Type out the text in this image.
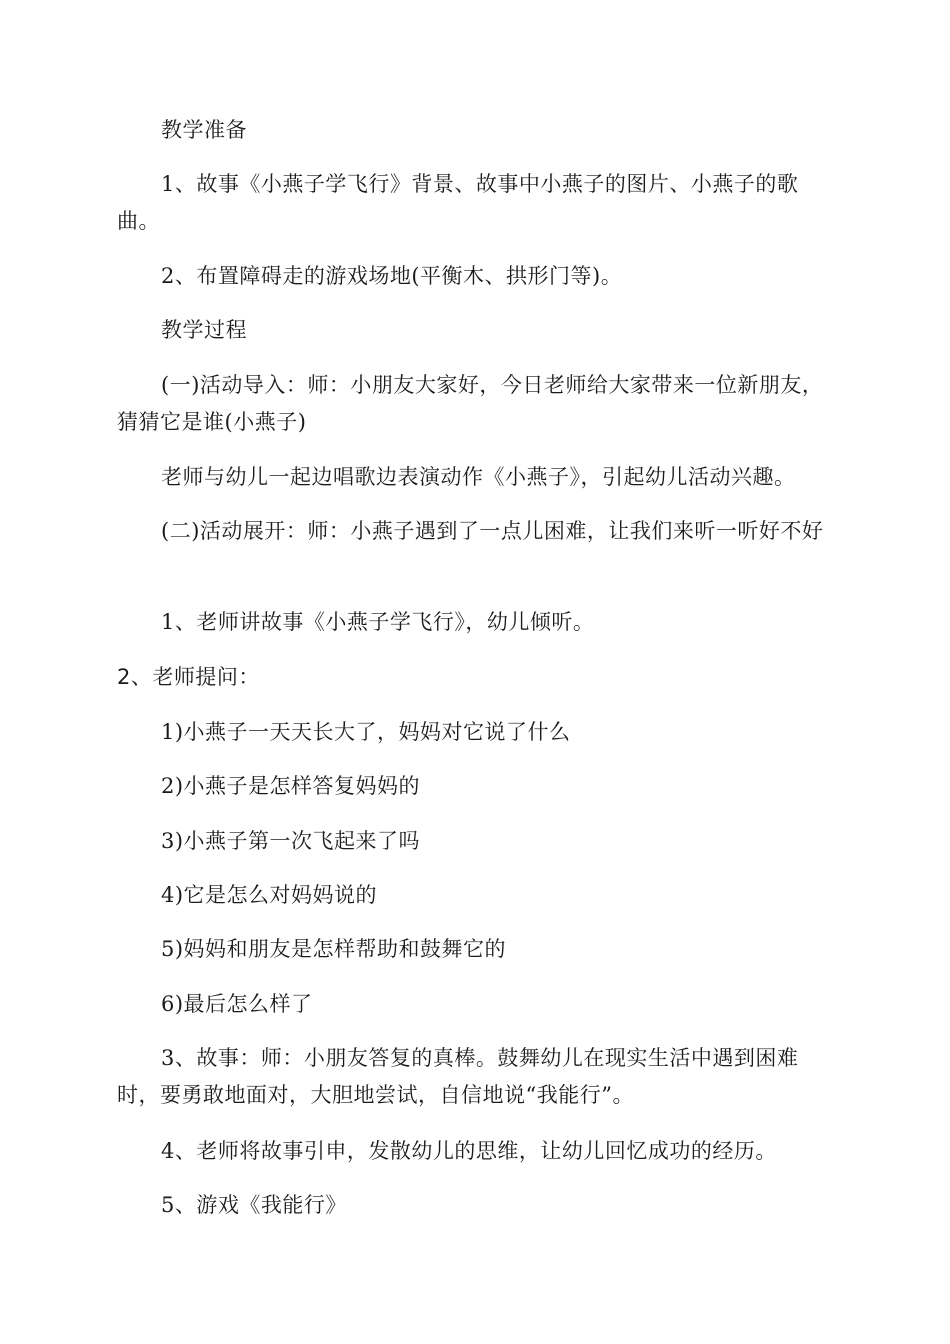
教学准备

1、故事《小燕子学飞行》背景、故事中小燕子的图片、小燕子的歌曲。

2、布置障碍走的游戏场地(平衡木、拱形门等)。

教学过程

(一)活动导入：师：小朋友大家好，今日老师给大家带来一位新朋友，猜猜它是谁(小燕子)

老师与幼儿一起边唱歌边表演动作《小燕子》，引起幼儿活动兴趣。

(二)活动展开：师：小燕子遇到了一点儿困难，让我们来听一听好不好

1、老师讲故事《小燕子学飞行》，幼儿倾听。

2、老师提问：

1)小燕子一天天长大了，妈妈对它说了什么

2)小燕子是怎样答复妈妈的

3)小燕子第一次飞起来了吗

4)它是怎么对妈妈说的

5)妈妈和朋友是怎样帮助和鼓舞它的

6)最后怎么样了

3、故事：师：小朋友答复的真棒。鼓舞幼儿在现实生活中遇到困难时，要勇敢地面对，大胆地尝试，自信地说“我能行”。

4、老师将故事引申，发散幼儿的思维，让幼儿回忆成功的经历。

5、游戏《我能行》
